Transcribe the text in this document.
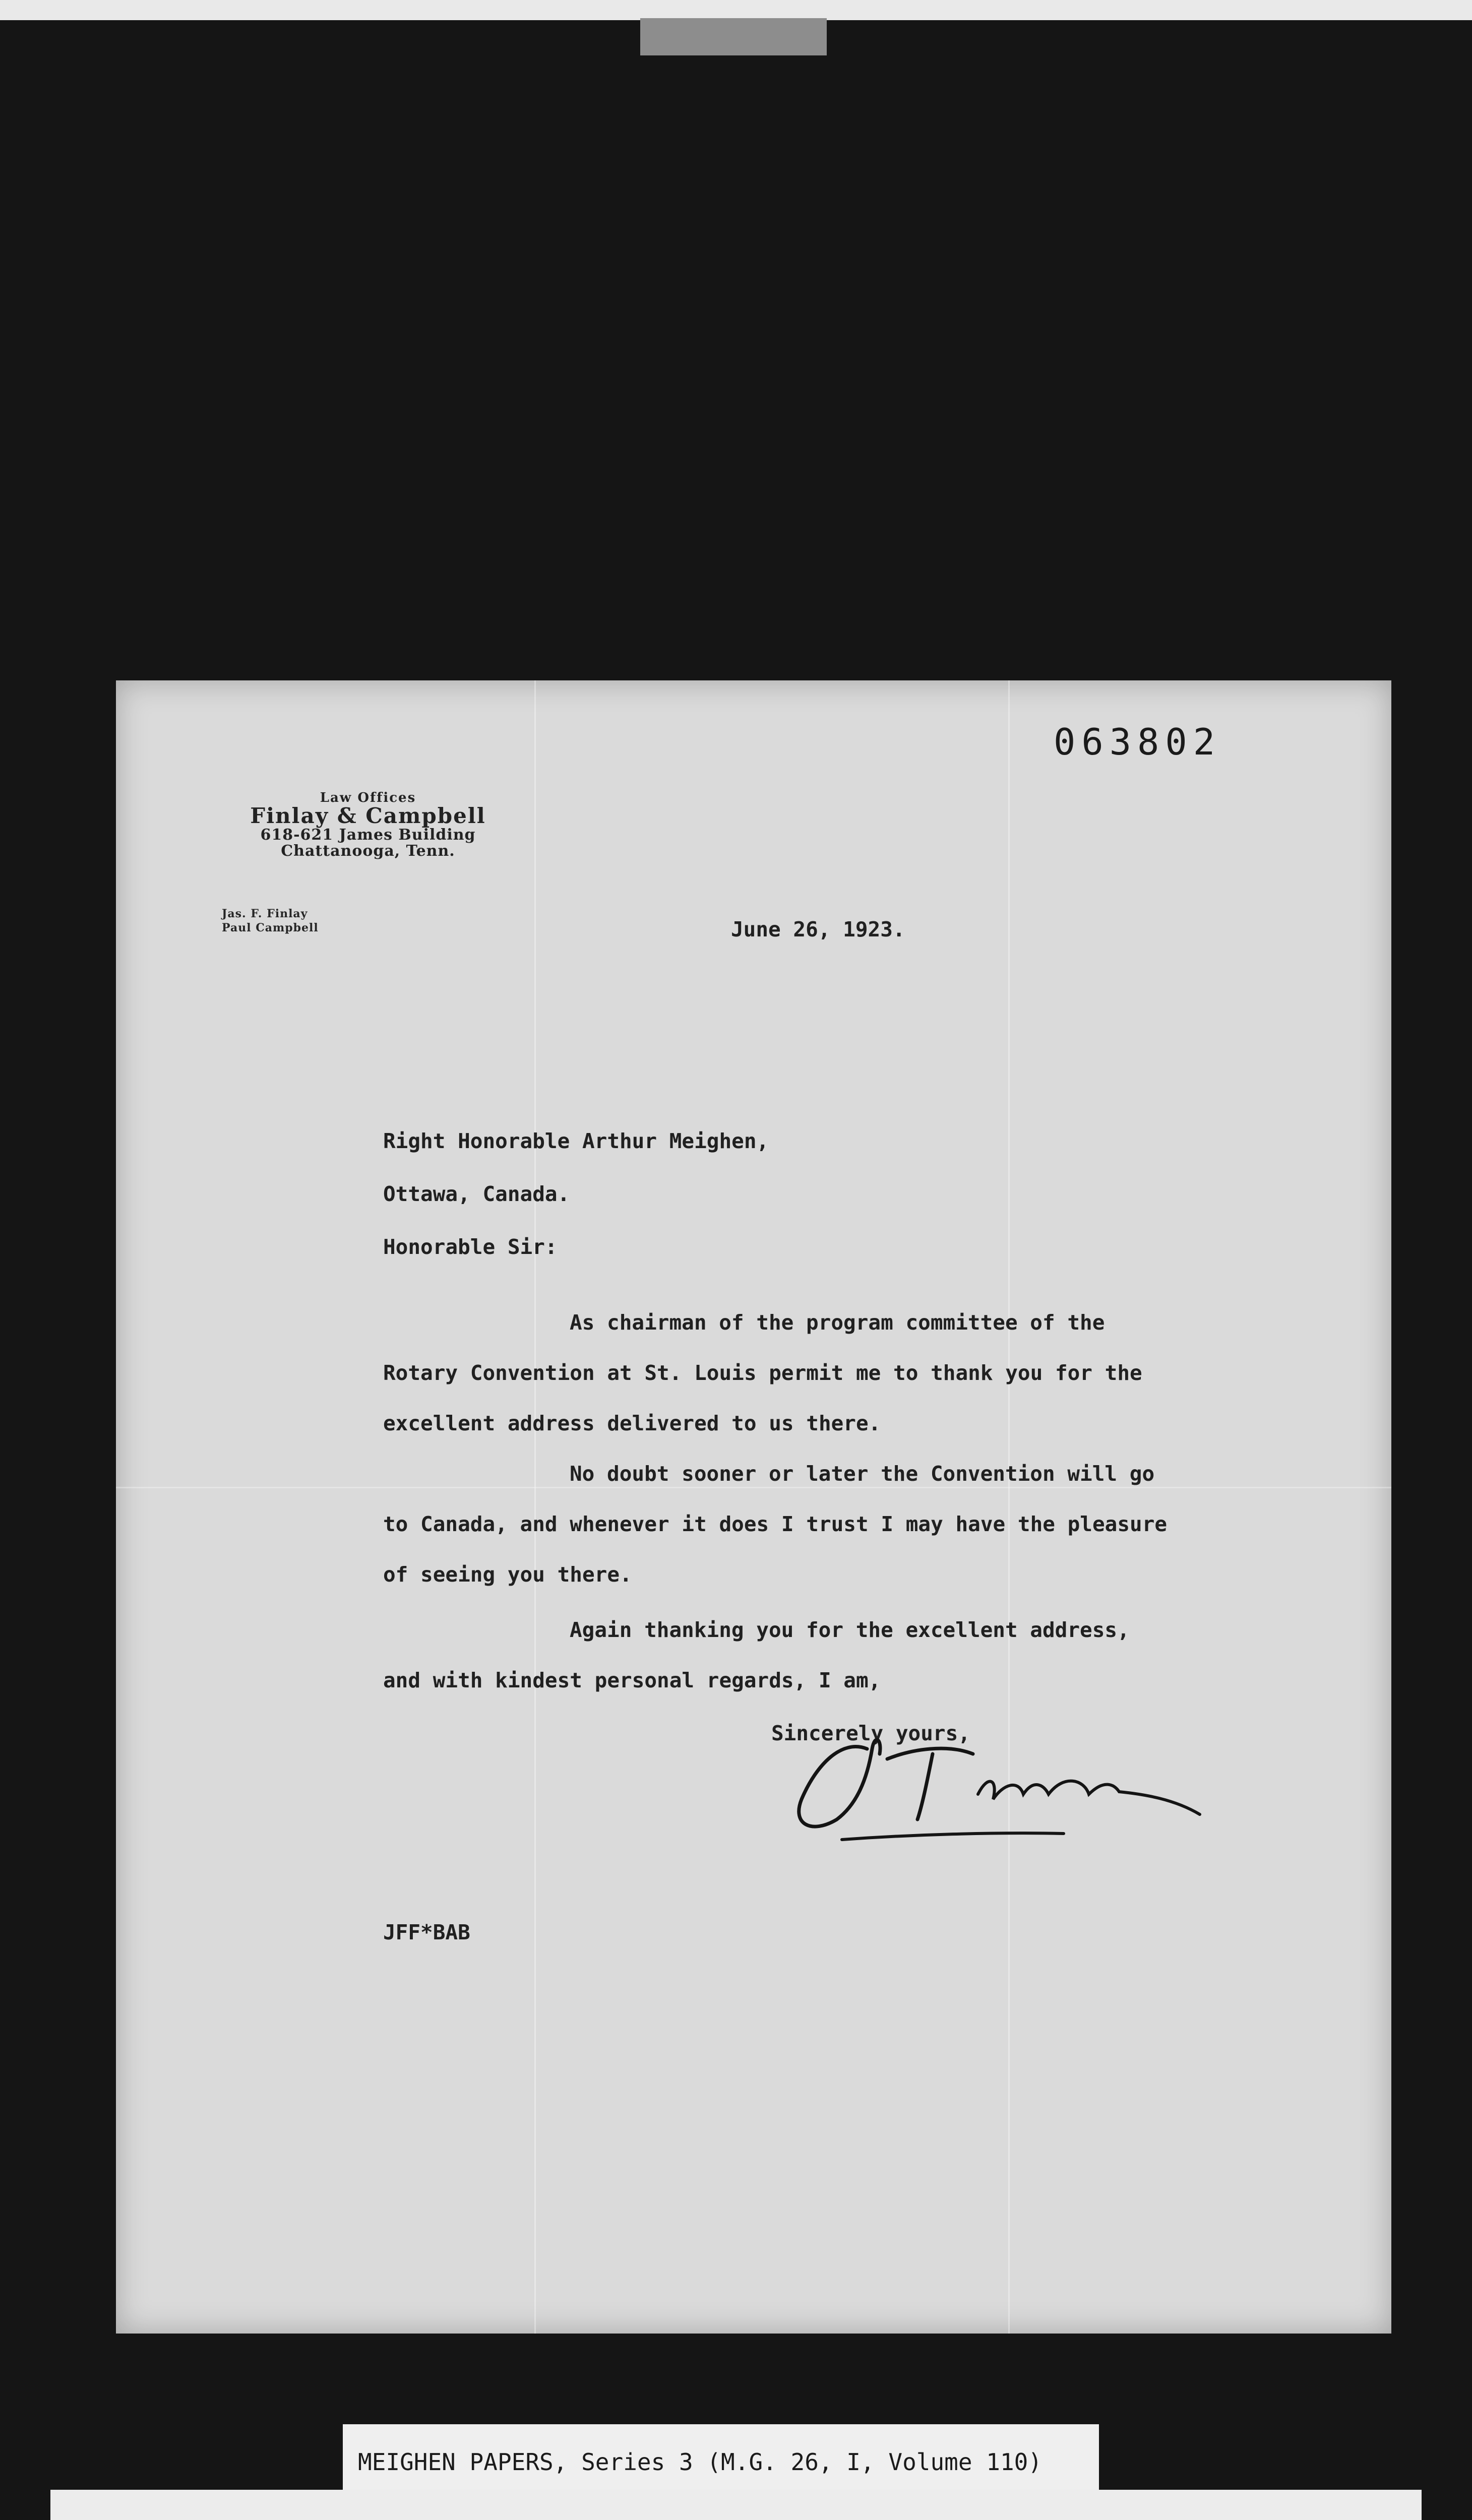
063802
Law Offices
Finlay & Campbell
618-621 James Building
Chattanooga, Tenn.
Jas. F. Finlay
Paul Campbell	June 26, 1923.
Right Honorable Arthur Meighen,
Ottawa, Canada.
Honorable Sir:
As chairman of the program committee of the
Rotary Convention at St. Louis permit me to thank you for the
excellent address delivered to us there.
No doubt sooner or later the Convention will go
to Canada, and whenever it does I trust I may have the pleasure
of seeing you there.
Again thanking you for the excellent address,
and with kindest personal regards, I am,
Sincerely yours,
JFF*BAB
MEIGHEN PAPERS, Series 3 (M.G. 26, I, Volume 110)
